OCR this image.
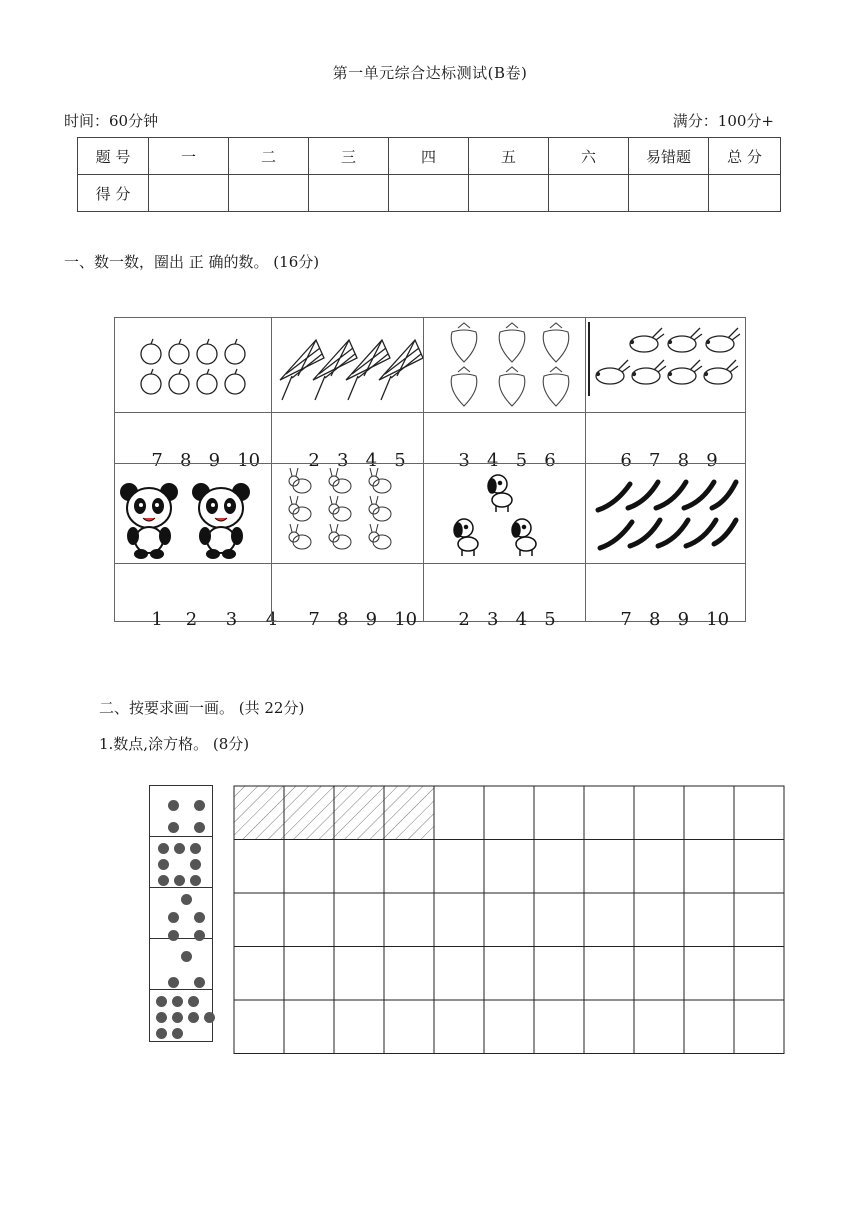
第一单元综合达标测试(B卷)
时间：60分钟	满分：100分+
题 号	一	二	三	四	五	六	易错题	总 分
得 分								
一、数一数，圈出 正 确的数。 (16分)

7 8 9 10
	2 3 4 5
	3 4 5 6
	6 7 8 9

1 2 3 4
	7 8 9 10
	2 3 4 5
	7 8 9 10

二、按要求画一画。 (共 22分)
1.数点,涂方格。 (8分)
